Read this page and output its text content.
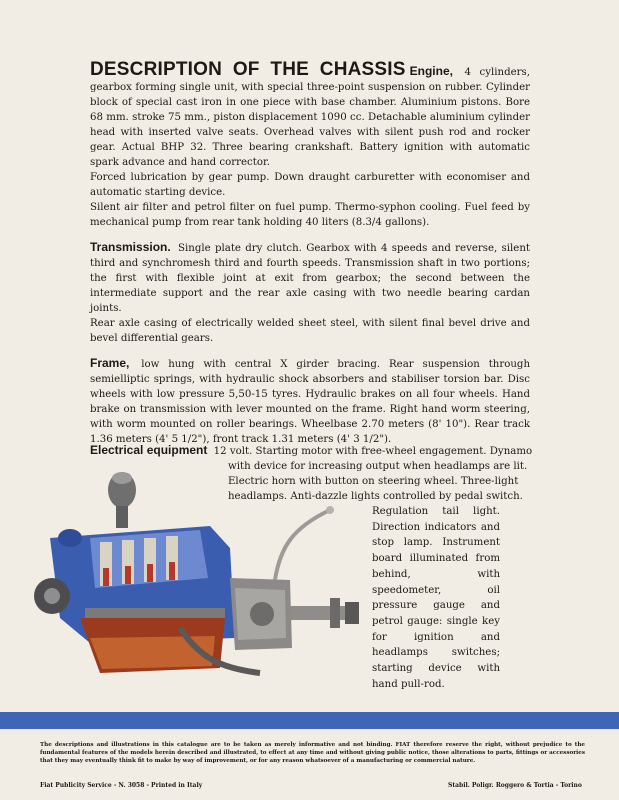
DESCRIPTION OF THE CHASSIS Engine, 4 cylinders, gearbox forming single unit, with special three-point suspension on rubber. Cylinder block of special cast iron in one piece with base chamber. Aluminium pistons. Bore 68 mm. stroke 75 mm., piston displacement 1090 cc. Detachable aluminium cylinder head with inserted valve seats. Overhead valves with silent push rod and rocker gear. Actual BHP 32. Three bearing crankshaft. Battery ignition with automatic spark advance and hand corrector.

Forced lubrication by gear pump. Down draught carburetter with economiser and automatic starting device.

Silent air filter and petrol filter on fuel pump. Thermo-syphon cooling. Fuel feed by mechanical pump from rear tank holding 40 liters (8.3/4 gallons).

Transmission. Single plate dry clutch. Gearbox with 4 speeds and reverse, silent third and synchromesh third and fourth speeds. Transmission shaft in two portions; the first with flexible joint at exit from gearbox; the second between the intermediate support and the rear axle casing with two needle bearing cardan joints.

Rear axle casing of electrically welded sheet steel, with silent final bevel drive and bevel differential gears.

Frame, low hung with central X girder bracing. Rear suspension through semielliptic springs, with hydraulic shock absorbers and stabiliser torsion bar. Disc wheels with low pressure 5,50-15 tyres. Hydraulic brakes on all four wheels. Hand brake on transmission with lever mounted on the frame. Right hand worm steering, with worm mounted on roller bearings. Wheelbase 2.70 meters (8' 10"). Rear track 1.36 meters (4' 5 1/2"), front track 1.31 meters (4' 3 1/2").

Electrical equipment 12 volt. Starting motor with free-wheel engagement. Dynamo
with device for increasing output when headlamps are lit.
Electric horn with button on steering wheel. Three-light
headlamps. Anti-dazzle lights controlled by pedal switch.
Regulation tail light. Direction indicators and stop lamp. Instrument board illuminated from behind, with speedometer, oil pressure gauge and petrol gauge: single key for ignition and headlamps switches; starting device with hand pull-rod.
The descriptions and illustrations in this catalogue are to be taken as merely informative and not binding. FIAT therefore reserve the right, without prejudice to the fundamental features of the models herein described and illustrated, to effect at any time and without giving public notice, those alterations to parts, fittings or accessories that they may eventually think fit to make by way of improvement, or for any reason whatsoever of a manufacturing or commercial nature.
Fiat Publicity Service - N. 3058 - Printed in Italy	Stabil. Poligr. Roggero & Tortia - Torino
